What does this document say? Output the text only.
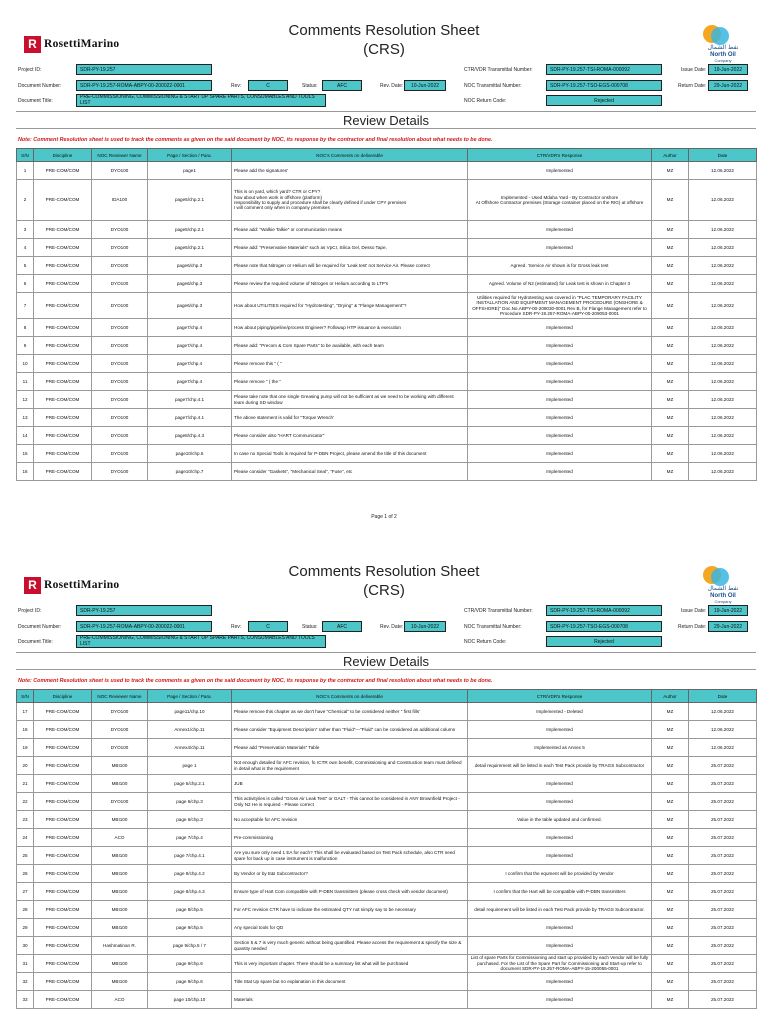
R RosettiMarino	نفط الشمال
North Oil
Company
Comments Resolution Sheet
(CRS)
Project ID:	SDR-PY-19.257
Document Number:	SDR-PY-19.257-ROMA-ABPY-00-200022-0001	Rev:	C	Status:	AFC	Rev. Date:	10-Jun-2022
Document Title:
PRE-COMMISSIONING, COMMISSIONING & START UP SPARE PARTS, CONSUMABLES AND TOOLS LIST
CTR/VDR Transmittal Number:	SDR-PY-19.257-TSI-ROMA-000092
NOC Transmittal Number:	SDR-PY-19.257-TSO-EGS-000708
NOC Return Code:	Rejected
Issue Date:	19-Jun-2022
Return Date:	29-Jun-2022
Review Details
Note: Comment Resolution sheet is used to track the comments as given on the said document by NOC, its response by the contractor and final resolution about what needs to be done.
S/N	Discipline	NOC Reviewer Name	Page / Section / Para.	NOC's Comments on deliverable	CTR/VDR's Response	Author	Date
1	PRE-COM/COM	DYO100	page1	Please add the signatures'	Implemented	MZ	12.06.2022
2	PRE-COM/COM	IDA100	page5/chp.2.1	This is on yard, which yard? CTR or CPY?
how about when work in offshore (platform)
responsibility to supply and procedure shall be clearly defined if under CPY premises
I will comment only when in company premises	Implemented - Used Mdaha Yard - By Contractor onshore
At Offshore Contractor premises (Storage container placed on the RIG) at offshore	MZ	12.06.2022
3	PRE-COM/COM	DYO100	page5/chp.2.1	Please add: "Walkie Talkie" or communication means	Implemented	MZ	12.06.2022
4	PRE-COM/COM	DYO100	page5/chp.2.1	Please add: "Preservative Materials" such as VpCI, Silica Gel, Desso Tape,	Implemented	MZ	12.06.2022
5	PRE-COM/COM	DYO100	page6/chp.3	Please note that Nitrogen or Helium will be required for 'Leak test' not Service Air. Please correct	Agreed. 'Service Air shown is for Gross leak test	MZ	12.06.2022
6	PRE-COM/COM	DYO100	page6/chp.3	Please review the required volume of Nitrogen or Helium according to LTP's	Agreed. Volume of N2 (estimated) for Leak test is shown in Chapter 3	MZ	12.06.2022
7	PRE-COM/COM	DYO100	page6/chp.3	How about UTILITIES required for "Hydrotesting", "Drying" & "Flange Management"?	Utilities required for Hydrotesting was covered in "PLAC TEMPORARY FACILITY INSTALLATION AND EQUIPMENT MANAGEMENT PROCEDURE (ONSHORE & OFFSHORE)" Doc.No.ABPY-00-209030-0001 Rev B, for Flange Management refer to Procedure SDR-PY-19.257-ROMA-ABPY-00-209053-0001	MZ	12.06.2022
8	PRE-COM/COM	DYO100	page7/chp.4	How about piping/pipeline/process Engineer? Followup HTP issuance & execution	Implemented	MZ	12.06.2022
9	PRE-COM/COM	DYO100	page7/chp.4	Please add: "Precom & Com Spare Parts" to be available, with each team	Implemented	MZ	12.06.2022
10	PRE-COM/COM	DYO100	page7/chp.4	Please remove this " ( "	Implemented	MZ	12.06.2022
11	PRE-COM/COM	DYO100	page7/chp.4	Please remove " ( the "	Implemented	MZ	12.06.2022
12	PRE-COM/COM	DYO100	page7/chp.4.1	Please take note that one single Greasing pump will not be sufficient as we need to be working with different team during SD window	Implemented	MZ	12.06.2022
13	PRE-COM/COM	DYO100	page7/chp.4.1	The above statement is valid for "Torque Wrench'	Implemented	MZ	12.06.2022
14	PRE-COM/COM	DYO100	page8/chp.4.3	Please consider also "HART Communicator"	Implemented	MZ	12.06.2022
15	PRE-COM/COM	DYO100	page10/chp.5	In case no Special Tools is required for P-DBN Project, please amend the title of this document	Implemented	MZ	12.06.2022
16	PRE-COM/COM	DYO100	page10/chp.7	Please consider "Gaskets", "Mechanical Seal", "Fuse", etc	Implemented	MZ	12.06.2022
R RosettiMarino	نفط الشمال
North Oil
Company
Comments Resolution Sheet
(CRS)
Project ID:	SDR-PY-19.257
Document Number:	SDR-PY-19.257-ROMA-ABPY-00-200022-0001	Rev:	C	Status:	AFC	Rev. Date:	10-Jun-2022
Document Title:
PRE-COMMISSIONING, COMMISSIONING & START UP SPARE PARTS, CONSUMABLES AND TOOLS LIST
CTR/VDR Transmittal Number:	SDR-PY-19.257-TSI-ROMA-000092
NOC Transmittal Number:	SDR-PY-19.257-TSO-EGS-000708
NOC Return Code:	Rejected
Issue Date:	19-Jun-2022
Return Date:	29-Jun-2022
Review Details
Note: Comment Resolution sheet is used to track the comments as given on the said document by NOC, its response by the contractor and final resolution about what needs to be done.
S/N	Discipline	NOC Reviewer Name	Page / Section / Para.	NOC's Comments on deliverable	CTR/VDR's Response	Author	Date
17	PRE-COM/COM	DYO100	page11/chp.10	Please remove this chapter as we don't have "Chemical" to be considered neither " first fills'	Implemented - Deleted	MZ	12.06.2022
18	PRE-COM/COM	DYO100	Annex1/chp.11	Please consider "Equipment Description" rather than "Fluid"---"Fluid" can be considered as additional column	Implemented	MZ	12.06.2022
19	PRE-COM/COM	DYO100	Annex4/chp.11	Please add "Preservation Materials" Table	Implemented as Annex 5	MZ	12.06.2022
20	PRE-COM/COM	MBI100	page 1	Not enough detailed for AFC revision, fo rCTR own benefit, Commissioning and Construction team must defined in detail what is the requirement	detail requirement will be listed in each Test Pack provide by TRAGS Subcontractor	MZ	25.07.2022
21	PRE-COM/COM	MBI100	page 5/chp.2.1	JUB	Implemented	MZ	25.07.2022
22	PRE-COM/COM	DYO100	page 6/chp.3	This activity/ies is called "Gross Air Leak Test" or GALT - This cannot be considered in ANY Brownfield Project - Only N2 He is required - Please correct	Implemented	MZ	25.07.2022
23	PRE-COM/COM	MBI100	page 6/chp.3	No acceptable for AFC revision	Value in the table updated and confirmed.	MZ	25.07.2022
24	PRE-COM/COM	ACO	page 7/chp.4	Pre-commissioning	Implemented	MZ	25.07.2022
25	PRE-COM/COM	MBI100	page 7/chp.4.1	Are you sure only need 1 EA for each? This shall be evaluated based on Test Pack schedule, also CTR need spare for back up in case instrument is malfunction	Implemented	MZ	25.07.2022
26	PRE-COM/COM	MBI100	page 8/chp.4.2	By Vendor or by E&I Subcontractor?	I confirm that the equment will be provided by Vendor	MZ	25.07.2022
27	PRE-COM/COM	MBI100	page 8/chp.4.3	Ensure type of Hart Com compatible with P-DBN transmitters (please cross check with vendor document)	I confirm that the Hart will be compatible with P-DBN transmitters	MZ	25.07.2022
28	PRE-COM/COM	MBI100	page 8/chp.5	For AFC revision CTR have to indicate the estimated QTY not simply say to be necessary	detail requirement will be listed in each Test Pack provide by TRAGS Subcontractor.	MZ	25.07.2022
29	PRE-COM/COM	MBI100	page 9/chp.5	Any special tools for QD	Implemented	MZ	25.07.2022
30	PRE-COM/COM	Hashmatinan R.	page 9/chp.5 / 7	Section 5 & 7 is very much generic without being quantified. Please access the requirement & specify the size & quantity needed	Implemented	MZ	25.07.2022
31	PRE-COM/COM	MBI100	page 9/chp.6	This is very important chapter. There should be a summary list what will be purchased	List of spare Parts for Commissioning and start up provided by each Vendor will be fully purchased. For the List of the Spare Part for Commissioning and Start-up refer to document SDR-PY-19.257-ROMA-ABPY-15-200055-0001	MZ	25.07.2022
32	PRE-COM/COM	MBI100	page 9/chp.6	Title Stat Up spare but no explanation in this document	Implemented	MZ	25.07.2022
33	PRE-COM/COM	ACO	page 10/chp.10	Materials	Implemented	MZ	25.07.2022
Page 1 of 2
